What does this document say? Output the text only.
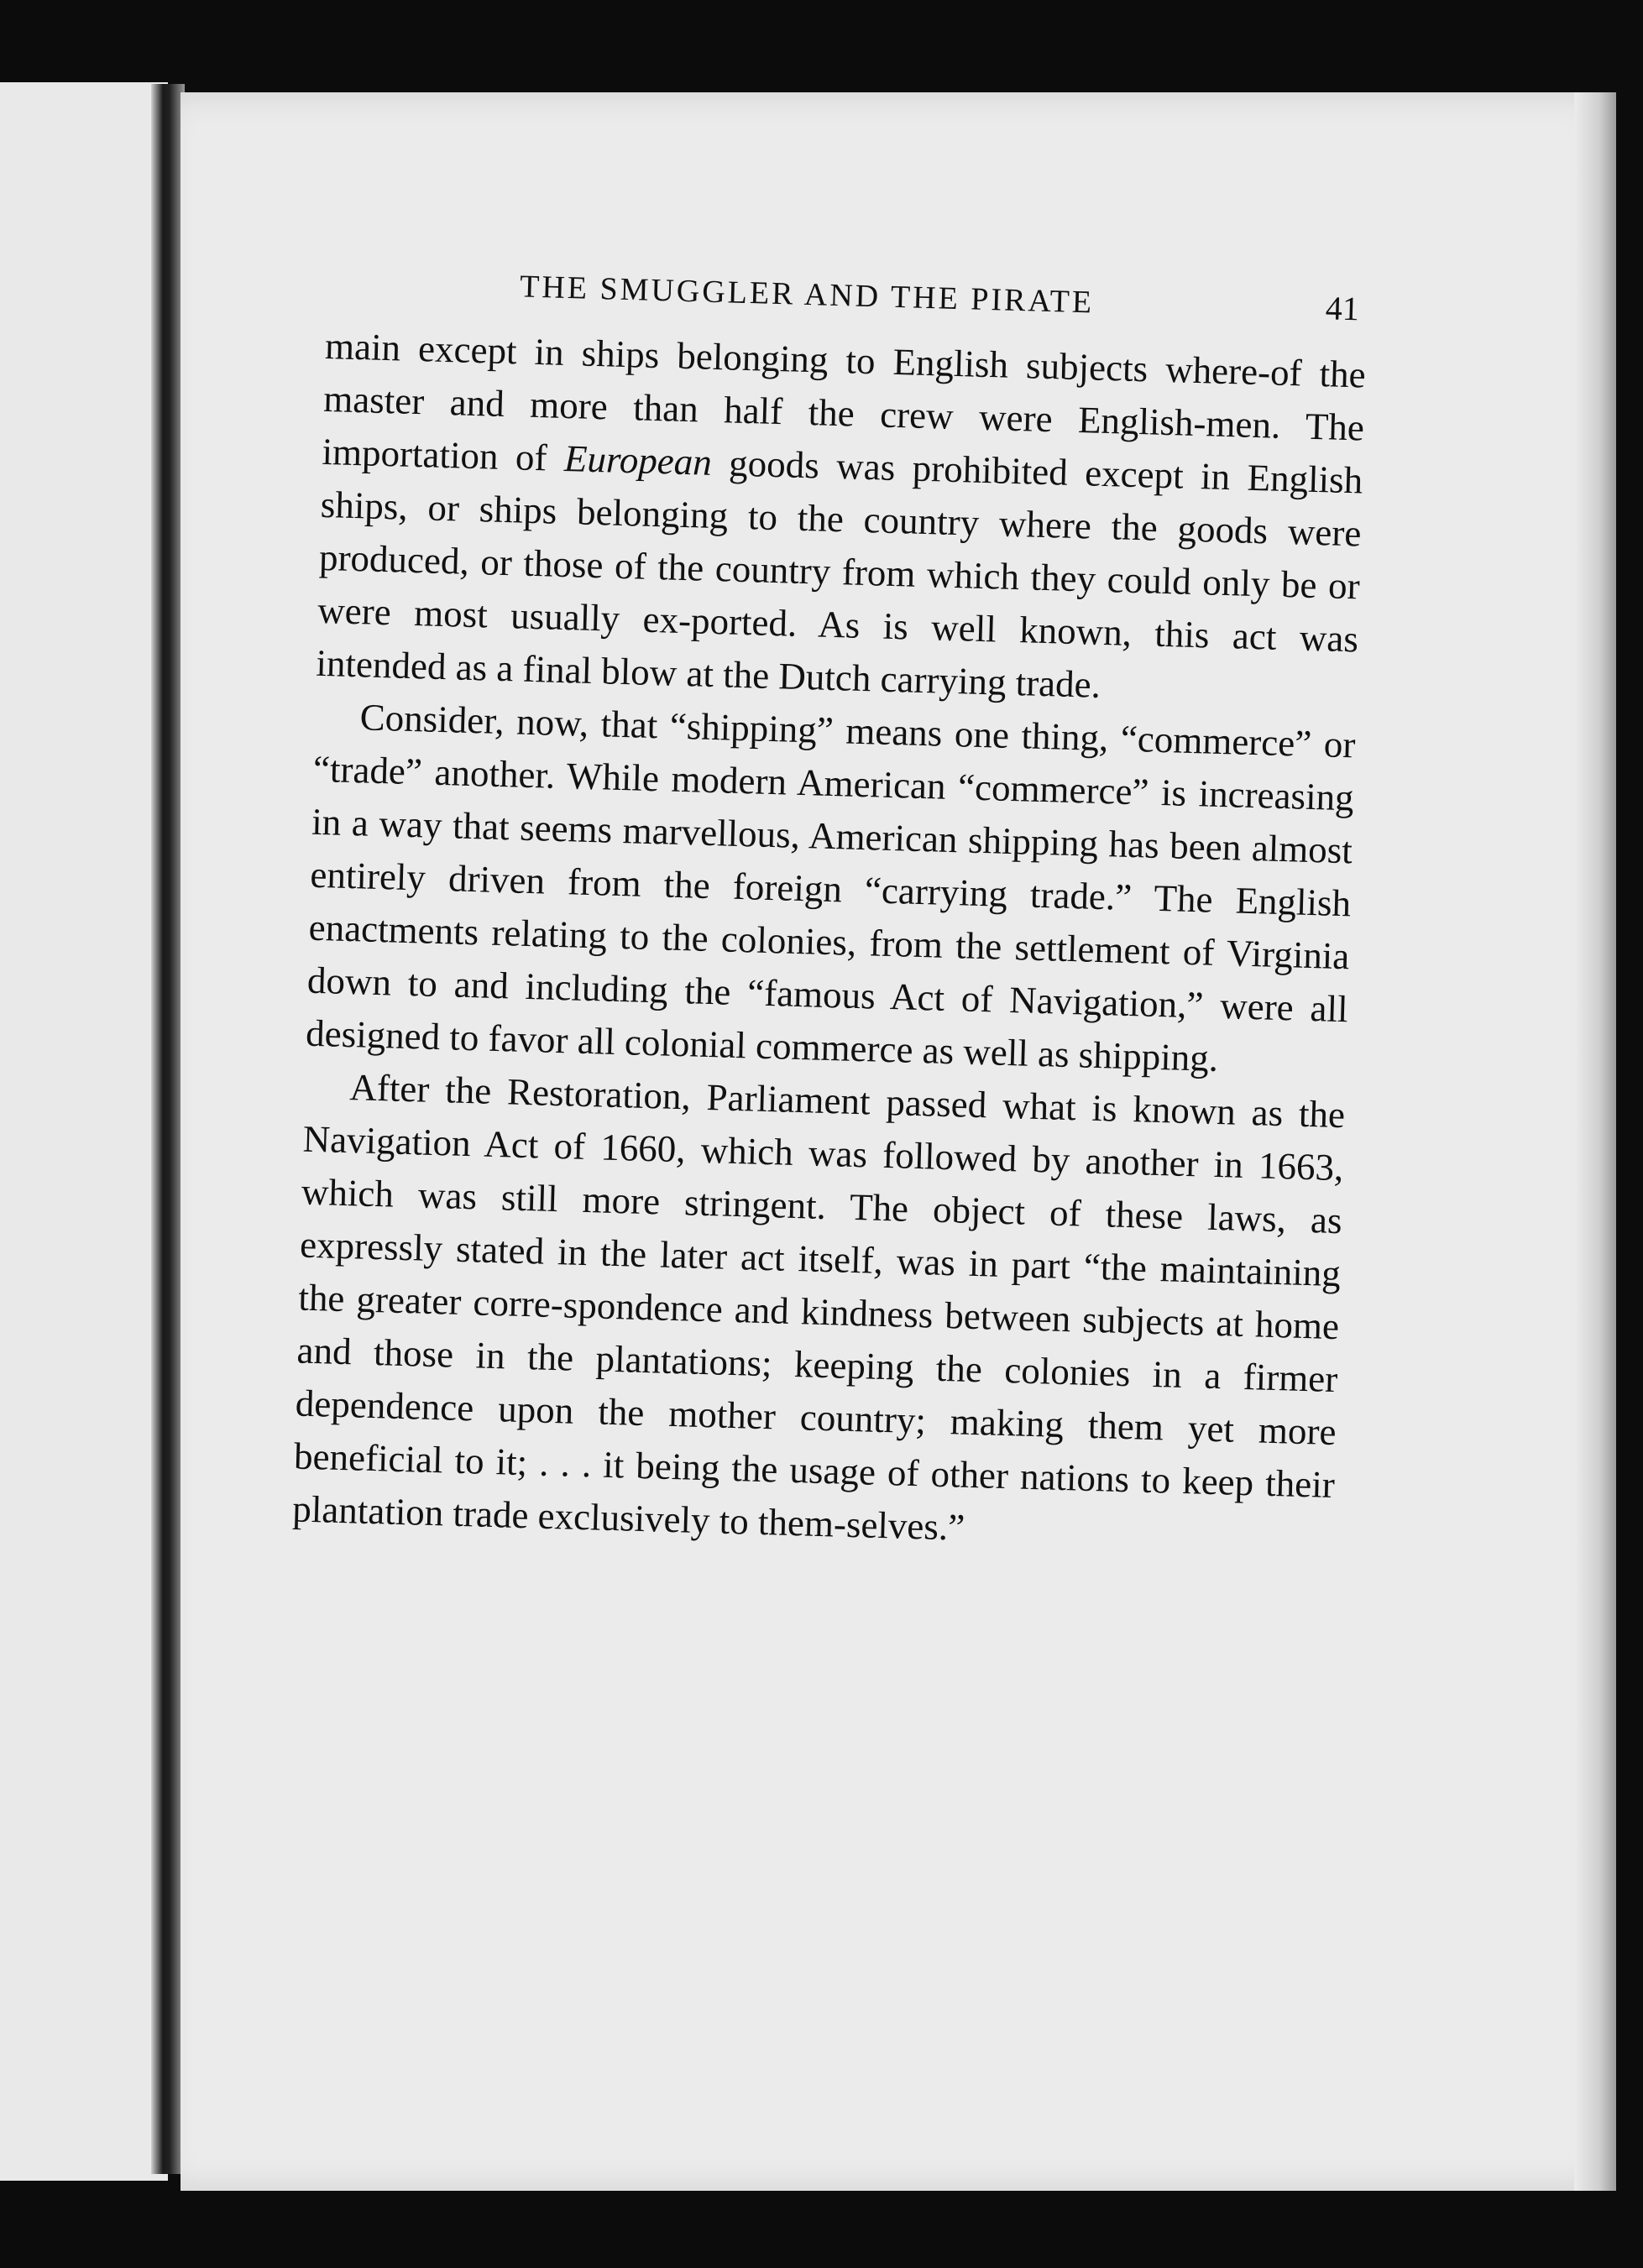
THE SMUGGLER AND THE PIRATE	41

main except in ships belonging to English subjects where-of the master and more than half the crew were English-men. The importation of European goods was prohibited except in English ships, or ships belonging to the country where the goods were produced, or those of the country from which they could only be or were most usually ex-ported. As is well known, this act was intended as a final blow at the Dutch carrying trade.

Consider, now, that “shipping” means one thing, “commerce” or “trade” another. While modern American “commerce” is increasing in a way that seems marvellous, American shipping has been almost entirely driven from the foreign “carrying trade.” The English enactments relating to the colonies, from the settlement of Virginia down to and including the “famous Act of Navigation,” were all designed to favor all colonial commerce as well as shipping.

After the Restoration, Parliament passed what is known as the Navigation Act of 1660, which was followed by another in 1663, which was still more stringent. The object of these laws, as expressly stated in the later act itself, was in part “the maintaining the greater corre-spondence and kindness between subjects at home and those in the plantations; keeping the colonies in a firmer dependence upon the mother country; making them yet more beneficial to it; . . . it being the usage of other nations to keep their plantation trade exclusively to them-selves.”
